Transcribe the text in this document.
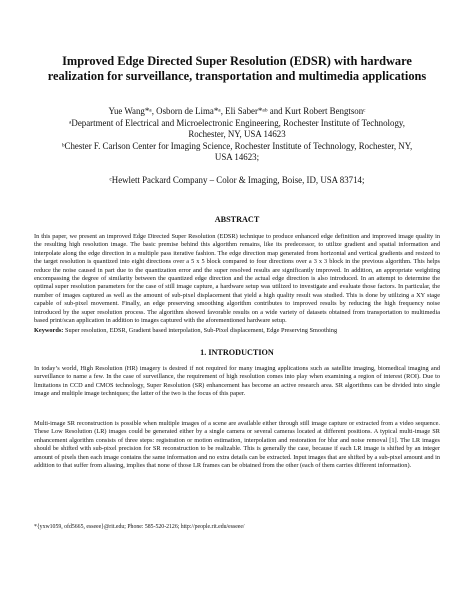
Improved Edge Directed Super Resolution (EDSR) with hardware realization for surveillance, transportation and multimedia applications
Yue Wang*ᵃ, Osborn de Lima*ᵃ, Eli Saber*ᵃᵇ and Kurt Robert Bengtsonᶜ
ᵃDepartment of Electrical and Microelectronic Engineering, Rochester Institute of Technology, Rochester, NY, USA 14623
ᵇChester F. Carlson Center for Imaging Science, Rochester Institute of Technology, Rochester, NY, USA 14623;
ᶜHewlett Packard Company – Color & Imaging, Boise, ID, USA 83714;
ABSTRACT

In this paper, we present an improved Edge Directed Super Resolution (EDSR) technique to produce enhanced edge definition and improved image quality in the resulting high resolution image. The basic premise behind this algorithm remains, like its predecessor, to utilize gradient and spatial information and interpolate along the edge direction in a multiple pass iterative fashion. The edge direction map generated from horizontal and vertical gradients and resized to the target resolution is quantized into eight directions over a 5 x 5 block compared to four directions over a 3 x 3 block in the previous algorithm. This helps reduce the noise caused in part due to the quantization error and the super resolved results are significantly improved. In addition, an appropriate weighting encompassing the degree of similarity between the quantized edge direction and the actual edge direction is also introduced. In an attempt to determine the optimal super resolution parameters for the case of still image capture, a hardware setup was utilized to investigate and evaluate those factors. In particular, the number of images captured as well as the amount of sub-pixel displacement that yield a high quality result was studied. This is done by utilizing a XY stage capable of sub-pixel movement. Finally, an edge preserving smoothing algorithm contributes to improved results by reducing the high frequency noise introduced by the super resolution process. The algorithm showed favorable results on a wide variety of datasets obtained from transportation to multimedia based print/scan application in addition to images captured with the aforementioned hardware setup.

Keywords: Super resolution, EDSR, Gradient based interpolation, Sub-Pixel displacement, Edge Preserving Smoothing

1. INTRODUCTION

In today’s world, High Resolution (HR) imagery is desired if not required for many imaging applications such as satellite imaging, biomedical imaging and surveillance to name a few. In the case of surveillance, the requirement of high resolution comes into play when examining a region of interest (ROI). Due to limitations in CCD and CMOS technology, Super Resolution (SR) enhancement has become an active research area. SR algorithms can be divided into single image and multiple image techniques; the latter of the two is the focus of this paper.

Multi-image SR reconstruction is possible when multiple images of a scene are available either through still image capture or extracted from a video sequence. These Low Resolution (LR) images could be generated either by a single camera or several cameras located at different positions. A typical multi-image SR enhancement algorithm consists of three steps: registration or motion estimation, interpolation and restoration for blur and noise removal [1]. The LR images should be shifted with sub-pixel precision for SR reconstruction to be realizable. This is generally the case, because if each LR image is shifted by an integer amount of pixels then each image contains the same information and no extra details can be extracted. Input images that are shifted by a sub-pixel amount and in addition to that suffer from aliasing, implies that none of those LR frames can be obtained from the other (each of them carries different information).

*{yxw1059, ofd5665, esseee}@rit.edu; Phone: 585-520-2126; http://people.rit.edu/esseee/
